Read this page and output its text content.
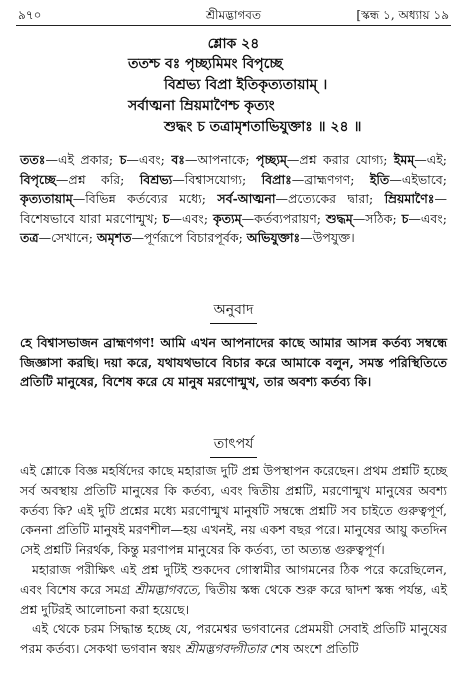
৯৭০	শ্রীমদ্ভাগবত	[স্কন্ধ ১, অধ্যায় ১৯
শ্লোক ২৪
ততশ্চ বঃ পৃচ্ছ্যমিমং বিপৃচ্ছে
বিশ্রভ্য বিপ্রা ইতিকৃত্যতায়াম্ ।
সর্বাত্মনা ম্রিয়মাণৈশ্চ কৃত্যং
শুদ্ধং চ তত্রামৃশতাভিযুক্তাঃ ॥ ২৪ ॥
ততঃ—এই প্রকার; চ—এবং; বঃ—আপনাকে; পৃচ্ছ্যম্—প্রশ্ন করার যোগ্য; ইমম্—এই; বিপৃচ্ছে—প্রশ্ন করি; বিশ্রভ্য—বিশ্বাসযোগ্য; বিপ্রাঃ—ব্রাহ্মণগণ; ইতি—এইভাবে; কৃত্যতায়াম্—বিভিন্ন কর্তব্যের মধ্যে; সর্ব-আত্মনা—প্রত্যেকের দ্বারা; ম্রিয়মাণৈঃ—বিশেষভাবে যারা মরণোন্মুখ; চ—এবং; কৃত্যম্—কর্তব্যপরায়ণ; শুদ্ধম্—সঠিক; চ—এবং; তত্র—সেখানে; অমৃশত—পূর্ণরূপে বিচারপূর্বক; অভিযুক্তাঃ—উপযুক্ত।
অনুবাদ
হে বিশ্বাসভাজন ব্রাহ্মণগণ! আমি এখন আপনাদের কাছে আমার আসন্ন কর্তব্য সম্বন্ধে জিজ্ঞাসা করছি। দয়া করে, যথাযথভাবে বিচার করে আমাকে বলুন, সমস্ত পরিস্থিতিতে প্রতিটি মানুষের, বিশেষ করে যে মানুষ মরণোন্মুখ, তার অবশ্য কর্তব্য কি।
তাৎপর্য

এই শ্লোকে বিজ্ঞ মহর্ষিদের কাছে মহারাজ দুটি প্রশ্ন উপস্থাপন করেছেন। প্রথম প্রশ্নটি হচ্ছে সর্ব অবস্থায় প্রতিটি মানুষের কি কর্তব্য, এবং দ্বিতীয় প্রশ্নটি, মরণোন্মুখ মানুষের অবশ্য কর্তব্য কি? এই দুটি প্রশ্নের মধ্যে মরণোন্মুখ মানুষটি সম্বন্ধে প্রশ্নটি সব চাইতে গুরুত্বপূর্ণ, কেননা প্রতিটি মানুষই মরণশীল—হয় এখনই, নয় একশ বছর পরে। মানুষের আয়ু কতদিন সেই প্রশ্নটি নিরর্থক, কিন্তু মরণাপন্ন মানুষের কি কর্তব্য, তা অত্যন্ত গুরুত্বপূর্ণ।

মহারাজ পরীক্ষিৎ এই প্রশ্ন দুটিই শুকদেব গোস্বামীর আগমনের ঠিক পরে করেছিলেন, এবং বিশেষ করে সমগ্র শ্রীমদ্ভাগবতে, দ্বিতীয় স্কন্ধ থেকে শুরু করে দ্বাদশ স্কন্ধ পর্যন্ত, এই প্রশ্ন দুটিরই আলোচনা করা হয়েছে।

এই থেকে চরম সিদ্ধান্ত হচ্ছে যে, পরমেশ্বর ভগবানের প্রেমময়ী সেবাই প্রতিটি মানুষের পরম কর্তব্য। সেকথা ভগবান স্বয়ং শ্রীমদ্ভগবদ্গীতার শেষ অংশে প্রতিটি
